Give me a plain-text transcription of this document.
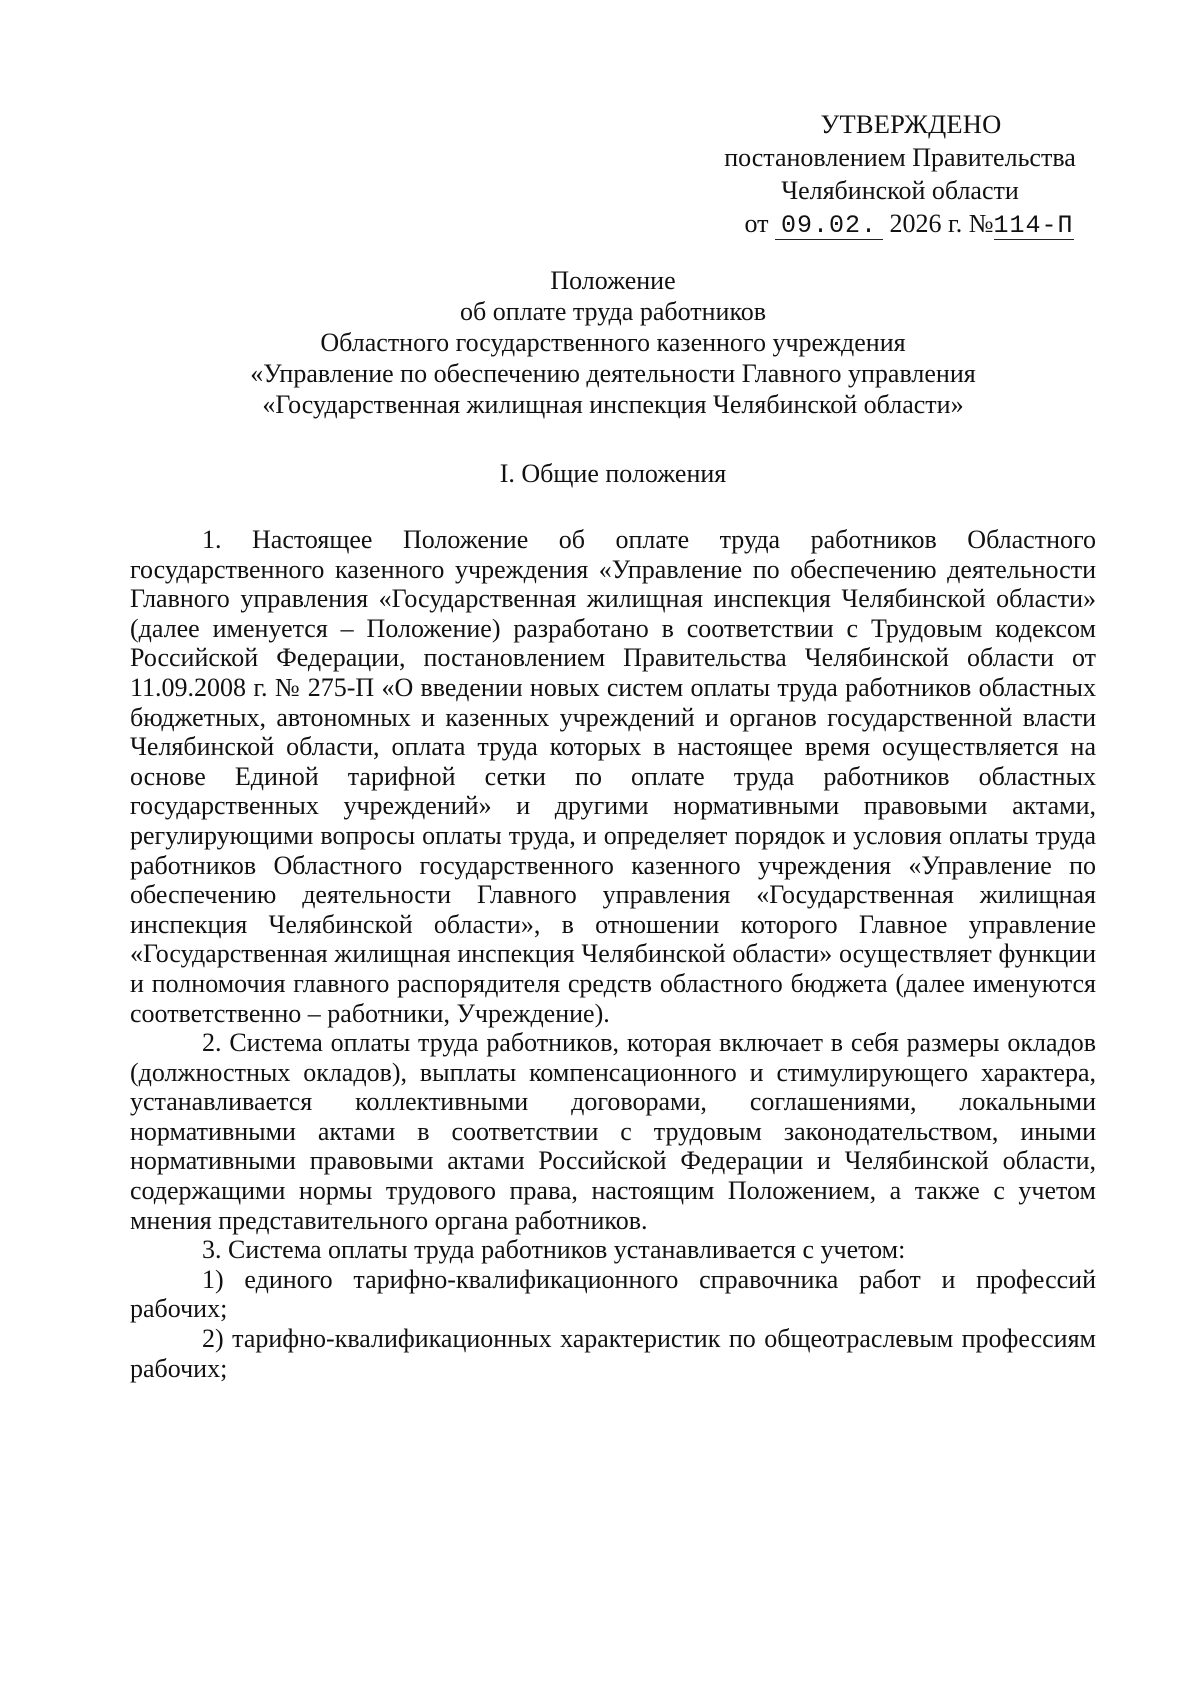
УТВЕРЖДЕНО
постановлением Правительства
Челябинской области
от 09.02. 2026 г. №114-П
Положение
об оплате труда работников
Областного государственного казенного учреждения
«Управление по обеспечению деятельности Главного управления
«Государственная жилищная инспекция Челябинской области»
I. Общие положения

1. Настоящее Положение об оплате труда работников Областного государственного казенного учреждения «Управление по обеспечению деятельности Главного управления «Государственная жилищная инспекция Челябинской области» (далее именуется – Положение) разработано в соответствии с Трудовым кодексом Российской Федерации, постановлением Правительства Челябинской области от 11.09.2008 г. № 275-П «О введении новых систем оплаты труда работников областных бюджетных, автономных и казенных учреждений и органов государственной власти Челябинской области, оплата труда которых в настоящее время осуществляется на основе Единой тарифной сетки по оплате труда работников областных государственных учреждений» и другими нормативными правовыми актами, регулирующими вопросы оплаты труда, и определяет порядок и условия оплаты труда работников Областного государственного казенного учреждения «Управление по обеспечению деятельности Главного управления «Государственная жилищная инспекция Челябинской области», в отношении которого Главное управление «Государственная жилищная инспекция Челябинской области» осуществляет функции и полномочия главного распорядителя средств областного бюджета (далее именуются соответственно – работники, Учреждение).

2. Система оплаты труда работников, которая включает в себя размеры окладов (должностных окладов), выплаты компенсационного и стимулирующего характера, устанавливается коллективными договорами, соглашениями, локальными нормативными актами в соответствии с трудовым законодательством, иными нормативными правовыми актами Российской Федерации и Челябинской области, содержащими нормы трудового права, настоящим Положением, а также с учетом мнения представительного органа работников.

3. Система оплаты труда работников устанавливается с учетом:

1) единого тарифно-квалификационного справочника работ и профессий рабочих;

2) тарифно-квалификационных характеристик по общеотраслевым профессиям рабочих;
